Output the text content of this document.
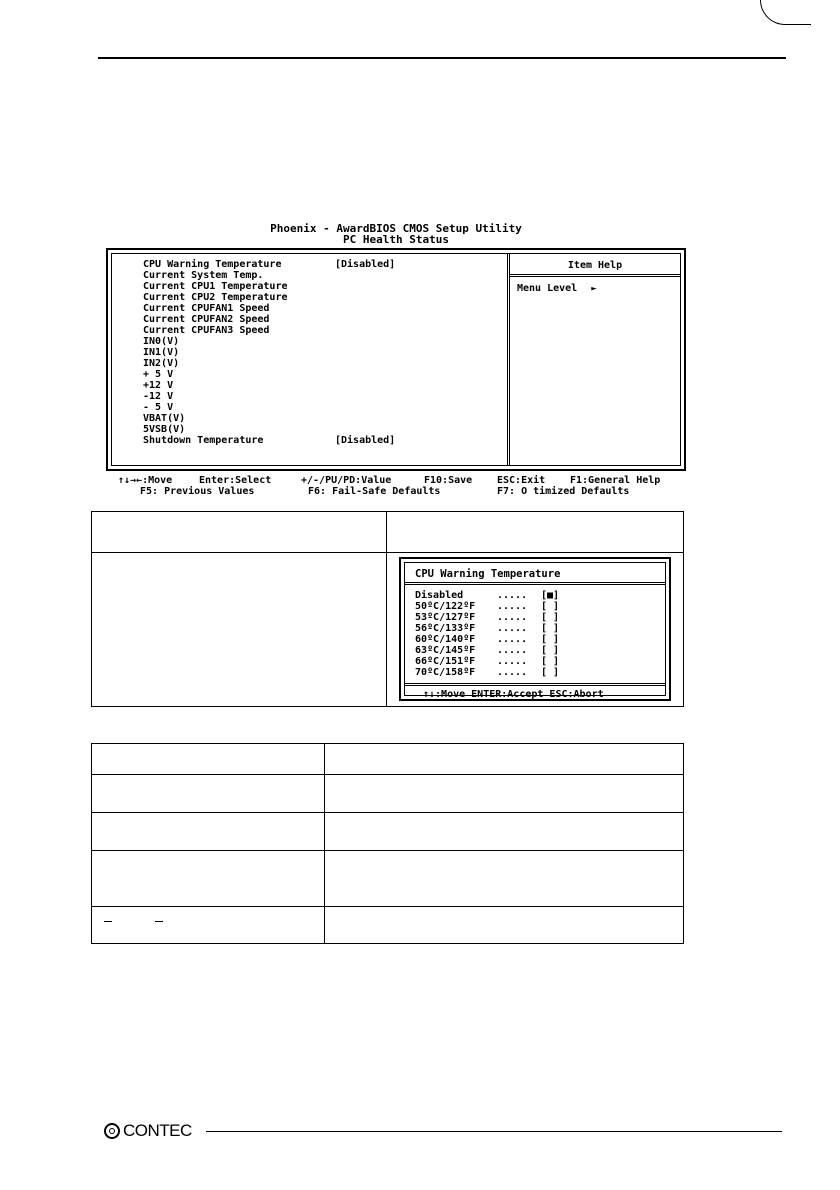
Phoenix - AwardBIOS CMOS Setup Utility
PC Health Status
CPU Warning Temperature	[Disabled]
Current System Temp.
Current CPU1 Temperature
Current CPU2 Temperature
Current CPUFAN1 Speed
Current CPUFAN2 Speed
Current CPUFAN3 Speed
IN0(V)
IN1(V)
IN2(V)
+ 5 V
+12 V
-12 V
- 5 V
VBAT(V)
5VSB(V)
Shutdown Temperature	[Disabled]
Item Help
Menu Level ►

↑↓→←:Move

	Enter:Select

	+/-/PU/PD:Value

	F10:Save

ESC:Exit

F1:General Help

F5: Previous Values

	F6: Fail-Safe Defaults

	F7: O timized Defaults

CPU Warning Temperature
Disabled	..... [■]
50ºC/122ºF ..... [ ]
53ºC/127ºF ..... [ ]
56ºC/133ºF ..... [ ]
60ºC/140ºF ..... [ ]
63ºC/145ºF ..... [ ]
66ºC/151ºF ..... [ ]
70ºC/158ºF ..... [ ]
↑↓:Move ENTER:Accept ESC:Abort
CONTEC
